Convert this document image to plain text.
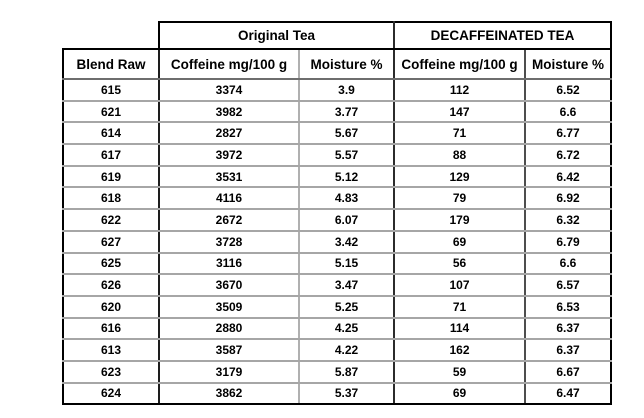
	Original Tea		DECAFFEINATED TEA	
Blend Raw	Coffeine mg/100 g	Moisture %	Coffeine mg/100 g	Moisture %
615	3374	3.9	112	6.52
621	3982	3.77	147	6.6
614	2827	5.67	71	6.77
617	3972	5.57	88	6.72
619	3531	5.12	129	6.42
618	4116	4.83	79	6.92
622	2672	6.07	179	6.32
627	3728	3.42	69	6.79
625	3116	5.15	56	6.6
626	3670	3.47	107	6.57
620	3509	5.25	71	6.53
616	2880	4.25	114	6.37
613	3587	4.22	162	6.37
623	3179	5.87	59	6.67
624	3862	5.37	69	6.47
